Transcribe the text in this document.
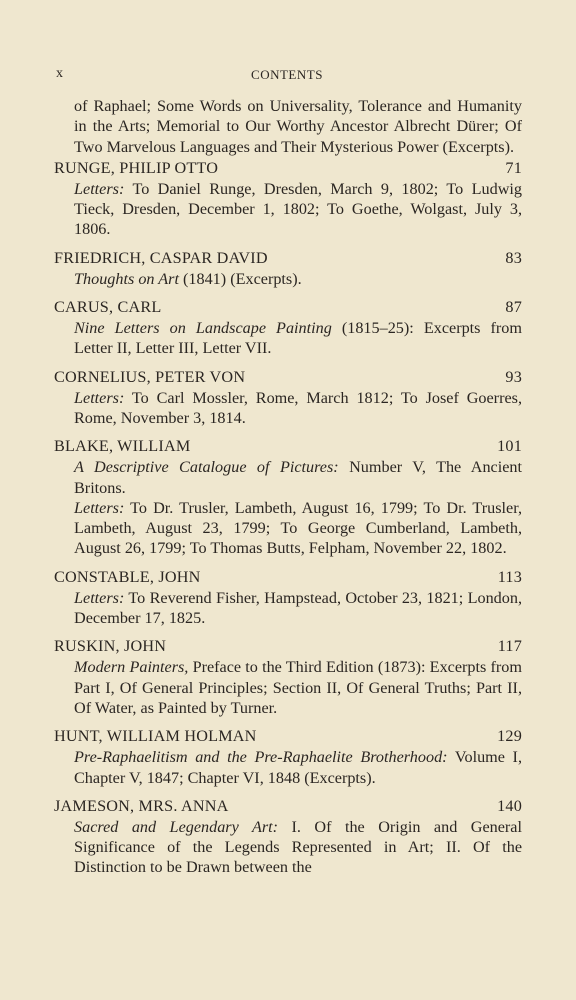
x	CONTENTS
of Raphael; Some Words on Universality, Tolerance and Humanity in the Arts; Memorial to Our Worthy Ancestor Albrecht Dürer; Of Two Marvelous Languages and Their Mysterious Power (Excerpts).
RUNGE, PHILIP OTTO	71
Letters: To Daniel Runge, Dresden, March 9, 1802; To Ludwig Tieck, Dresden, December 1, 1802; To Goethe, Wolgast, July 3, 1806.
FRIEDRICH, CASPAR DAVID	83
Thoughts on Art (1841) (Excerpts).
CARUS, CARL	87
Nine Letters on Landscape Painting (1815–25): Excerpts from Letter II, Letter III, Letter VII.
CORNELIUS, PETER VON	93
Letters: To Carl Mossler, Rome, March 1812; To Josef Goerres, Rome, November 3, 1814.
BLAKE, WILLIAM	101
A Descriptive Catalogue of Pictures: Number V, The Ancient Britons.
Letters: To Dr. Trusler, Lambeth, August 16, 1799; To Dr. Trusler, Lambeth, August 23, 1799; To George Cumberland, Lambeth, August 26, 1799; To Thomas Butts, Felpham, November 22, 1802.
CONSTABLE, JOHN	113
Letters: To Reverend Fisher, Hampstead, October 23, 1821; London, December 17, 1825.
RUSKIN, JOHN	117
Modern Painters, Preface to the Third Edition (1873): Excerpts from Part I, Of General Principles; Section II, Of General Truths; Part II, Of Water, as Painted by Turner.
HUNT, WILLIAM HOLMAN	129
Pre-Raphaelitism and the Pre-Raphaelite Brotherhood: Volume I, Chapter V, 1847; Chapter VI, 1848 (Excerpts).
JAMESON, MRS. ANNA	140
Sacred and Legendary Art: I. Of the Origin and General Significance of the Legends Represented in Art; II. Of the Distinction to be Drawn between the
